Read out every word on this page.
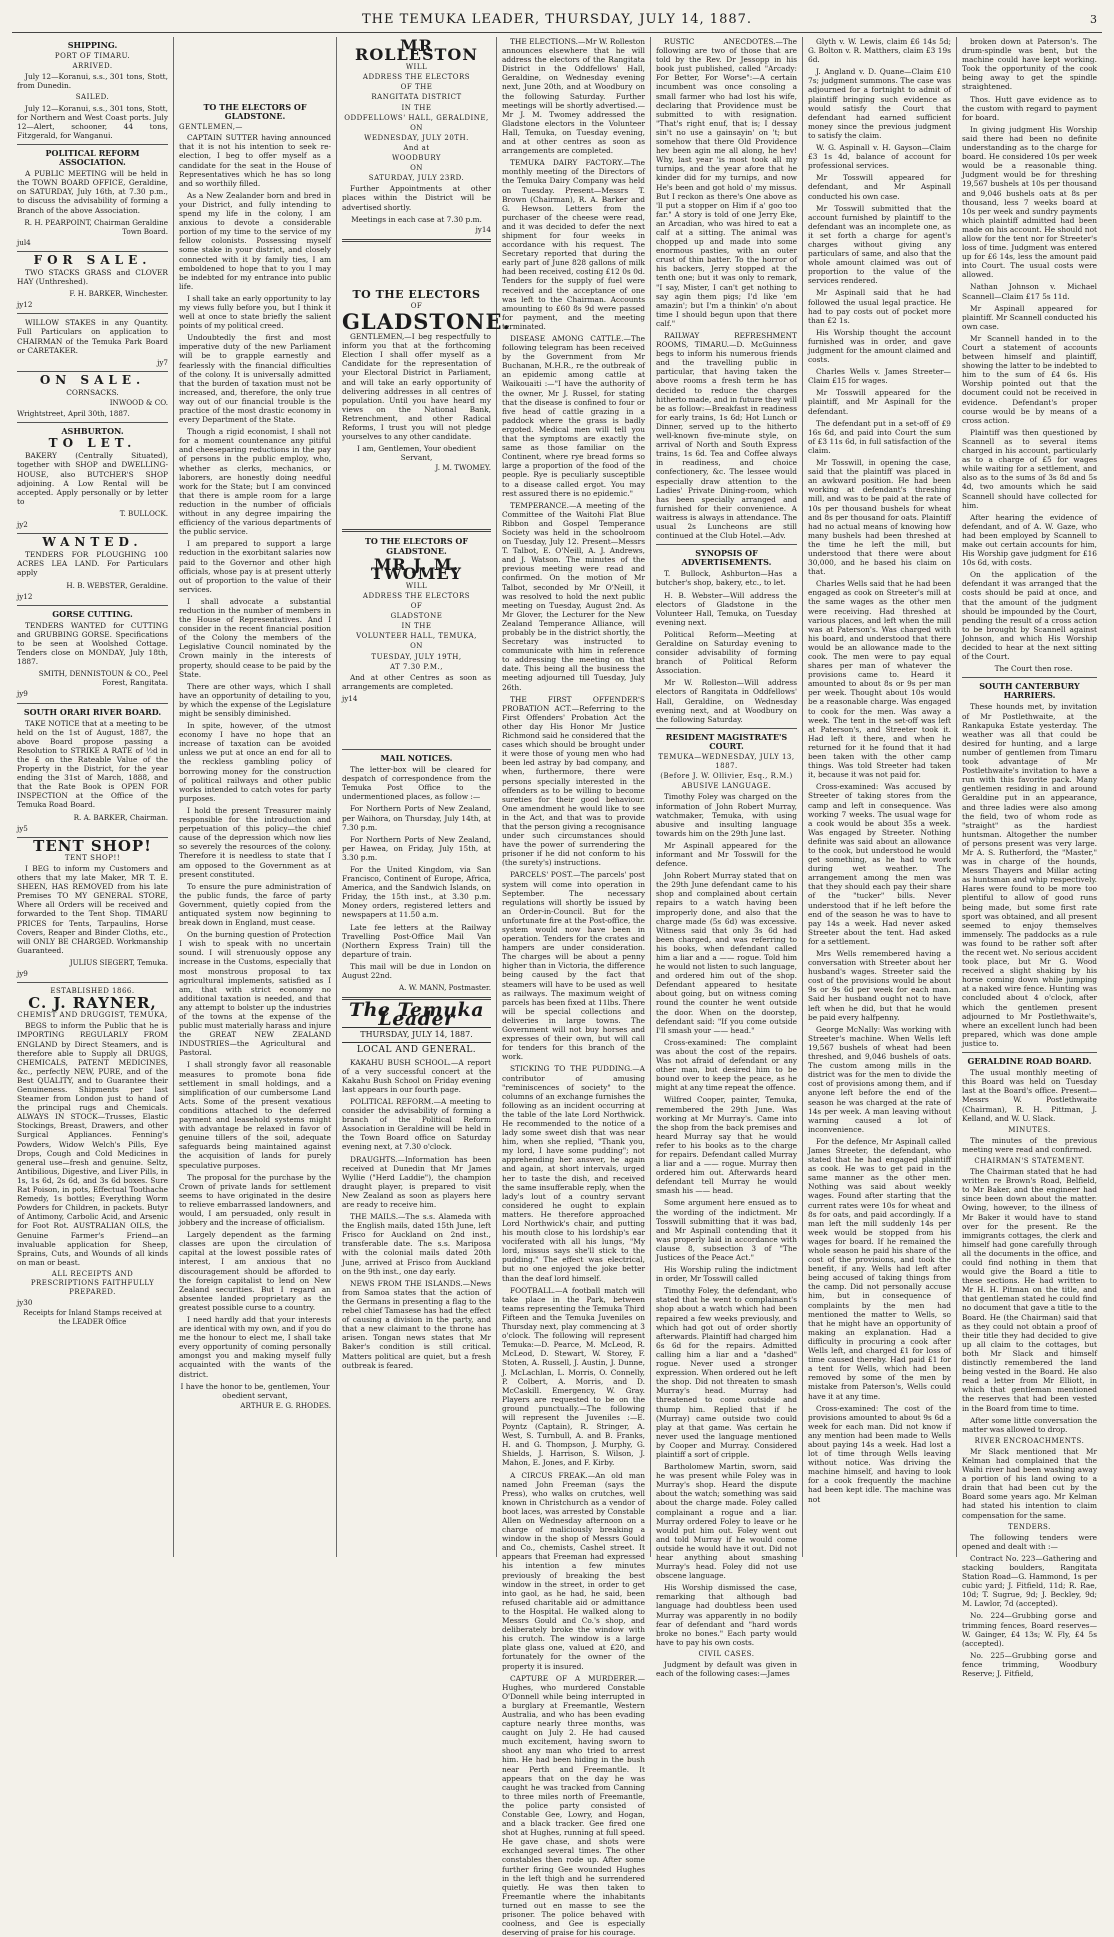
THE TEMUKA LEADER, THURSDAY, JULY 14, 1887.	3
SHIPPING.
PORT OF TIMARU.
ARRIVED.

July 12—Koranui, s.s., 301 tons, Stott, from Dunedin.

SAILED.

July 12—Koranui, s.s., 301 tons, Stott, for Northern and West Coast ports. July 12—Alert, schooner, 44 tons, Fitzgerald, for Wanganui.

POLITICAL REFORM ASSOCIATION.

A PUBLIC MEETING will be held in the TOWN BOARD OFFICE, Geraldine, on SATURDAY, July 16th, at 7.30 p.m., to discuss the advisability of forming a Branch of the above Association.

R. H. PEARPOINT, Chairman Geraldine Town Board.
jul4
FOR SALE.

TWO STACKS GRASS and CLOVER HAY (Unthreshed).

F. H. BARKER, Winchester.
jy12

WILLOW STAKES in any Quantity. Full Particulars on application to CHAIRMAN of the Temuka Park Board or CARETAKER.

jy7
ON SALE.
CORNSACKS.
INWOOD & CO.
Wrightstreet, April 30th, 1887.
ASHBURTON.
TO LET.

BAKERY (Centrally Situated), together with SHOP and DWELLING-HOUSE, also BUTCHER'S SHOP adjoining. A Low Rental will be accepted. Apply personally or by letter to

T. BULLOCK.
jy2
WANTED.

TENDERS FOR PLOUGHING 100 ACRES LEA LAND. For Particulars apply

H. B. WEBSTER, Geraldine.
jy12
GORSE CUTTING.

TENDERS WANTED for CUTTING and GRUBBING GORSE. Specifications to be seen at Woolshed Cottage. Tenders close on MONDAY, July 18th, 1887.

SMITH, DENNISTOUN & CO., Peel Forest, Rangitata.
jy9
SOUTH ORARI RIVER BOARD.

TAKE NOTICE that at a meeting to be held on the 1st of August, 1887, the above Board propose passing a Resolution to STRIKE A RATE of ½d in the £ on the Rateable Value of the Property in the District, for the year ending the 31st of March, 1888, and that the Rate Book is OPEN FOR INSPECTION at the Office of the Temuka Road Board.

R. A. BARKER, Chairman.
jy5
TENT SHOP!
TENT SHOP!!

I BEG to inform my Customers and others that my late Maker, MR T. E. SHEEN, HAS REMOVED from his late Premises TO MY GENERAL STORE, Where all Orders will be received and forwarded to the Tent Shop. TIMARU PRICES for Tents, Tarpaulins, Horse Covers, Reaper and Binder Cloths, etc., will ONLY BE CHARGED. Workmanship Guaranteed.

JULIUS SIEGERT, Temuka.
jy9
ESTABLISHED 1866.
C. J. RAYNER,
CHEMIST AND DRUGGIST, TEMUKA,

BEGS to inform the Public that he is IMPORTING REGULARLY FROM ENGLAND by Direct Steamers, and is therefore able to Supply all DRUGS, CHEMICALS, PATENT MEDICINES, &c., perfectly NEW, PURE, and of the Best QUALITY, and to Guarantee their Genuineness. Shipments per last Steamer from London just to hand of the principal rugs and Chemicals. ALWAYS IN STOCK—Trusses, Elastic Stockings, Breast, Drawers, and other Surgical Appliances. Fenning's Powders, Widow Welch's Pills, Eye Drops, Cough and Cold Medicines in general use—fresh and genuine. Seltz, Antibilious, Digestive, and Liver Pills, in 1s, 1s 6d, 2s 6d, and 3s 6d boxes. Sure Rat Poison, in pots, Effectual Toothache Remedy, 1s bottles; Everything Worm Powders for Children, in packets. Butyr of Antimony, Carbolic Acid, and Arsenic for Foot Rot. AUSTRALIAN OILS, the Genuine Farmer's Friend—an invaluable application for Sheep, Sprains, Cuts, and Wounds of all kinds on man or beast.

ALL RECEIPTS AND PRESCRIPTIONS FAITHFULLY PREPARED.
jy30
Receipts for Inland Stamps received at the LEADER Office
TO THE ELECTORS OF GLADSTONE.
GENTLEMEN,—

CAPTAIN SUTTER having announced that it is not his intention to seek re-election, I beg to offer myself as a candidate for the seat in the House of Representatives which he has so long and so worthily filled.

As a New Zealander born and bred in your District, and fully intending to spend my life in the colony, I am anxious to devote a considerable portion of my time to the service of my fellow colonists. Possessing myself some stake in your district, and closely connected with it by family ties, I am emboldened to hope that to you I may be indebted for my entrance into public life.

I shall take an early opportunity to lay my views fully before you, but I think it well at once to state briefly the salient points of my political creed.

Undoubtedly the first and most imperative duty of the new Parliament will be to grapple earnestly and fearlessly with the financial difficulties of the colony. It is universally admitted that the burden of taxation must not be increased, and, therefore, the only true way out of our financial trouble is the practice of the most drastic economy in every Department of the State.

Though a rigid economist, I shall not for a moment countenance any pitiful and cheeseparing reductions in the pay of persons in the public employ, who, whether as clerks, mechanics, or laborers, are honestly doing needful work for the State; but I am convinced that there is ample room for a large reduction in the number of officials without in any degree impairing the efficiency of the various departments of the public service.

I am prepared to support a large reduction in the exorbitant salaries now paid to the Governor and other high officials, whose pay is at present utterly out of proportion to the value of their services.

I shall advocate a substantial reduction in the number of members in the House of Representatives. And I consider in the recent financial position of the Colony the members of the Legislative Council nominated by the Crown mainly in the interests of property, should cease to be paid by the State.

There are other ways, which I shall have an opportunity of detailing to you, by which the expense of the Legislature might be sensibly diminished.

In spite, however, of the utmost economy I have no hope that an increase of taxation can be avoided unless we put at once an end for all to the reckless gambling policy of borrowing money for the construction of political railways and other public works intended to catch votes for party purposes.

I hold the present Treasurer mainly responsible for the introduction and perpetuation of this policy—the chief cause of the depression which now lies so severely the resources of the colony. Therefore it is needless to state that I am opposed to the Government as at present constituted.

To ensure the pure administration of the public funds, the farce of party Government, quietly copied from the antiquated system now beginning to break down in England, must cease.

On the burning question of Protection I wish to speak with no uncertain sound. I will strenuously oppose any increase in the Customs, especially that most monstrous proposal to tax agricultural implements, satisfied as I am, that with strict economy no additional taxation is needed, and that any attempt to bolster up the industries of the towns at the expense of the public must materially harass and injure the GREAT NEW ZEALAND INDUSTRIES—the Agricultural and Pastoral.

I shall strongly favor all reasonable measures to promote bona fide settlement in small holdings, and a simplification of our cumbersome Land Acts. Some of the present vexatious conditions attached to the deferred payment and leasehold systems might with advantage be relaxed in favor of genuine tillers of the soil, adequate safeguards being maintained against the acquisition of lands for purely speculative purposes.

The proposal for the purchase by the Crown of private lands for settlement seems to have originated in the desire to relieve embarrassed landowners, and would, I am persuaded, only result in jobbery and the increase of officialism.

Largely dependent as the farming classes are upon the circulation of capital at the lowest possible rates of interest, I am anxious that no discouragement should be afforded to the foreign capitalist to lend on New Zealand securities. But I regard an absentee landed proprietary as the greatest possible curse to a country.

I need hardly add that your interests are identical with my own, and if you do me the honour to elect me, I shall take every opportunity of coming personally amongst you and making myself fully acquainted with the wants of the district.

I have the honor to be, gentlemen, Your obedient servant,
ARTHUR E. G. RHODES.
MR ROLLESTON
WILL
ADDRESS THE ELECTORS
OF THE
RANGITATA DISTRICT
IN THE
ODDFELLOWS' HALL, GERALDINE,
ON
WEDNESDAY, JULY 20TH.
And at
WOODBURY
ON
SATURDAY, JULY 23RD.

Further Appointments at other places within the District will be advertised shortly.

Meetings in each case at 7.30 p.m.
jy14
TO THE ELECTORS
OF
GLADSTONE.

GENTLEMEN,—I beg respectfully to inform you that at the forthcoming Election I shall offer myself as a Candidate for the representation of your Electoral District in Parliament, and will take an early opportunity of delivering addresses in all centres of population. Until you have heard my views on the National Bank, Retrenchment, and other Radical Reforms, I trust you will not pledge yourselves to any other candidate.

I am, Gentlemen, Your obedient Servant,
J. M. TWOMEY.
TO THE ELECTORS OF GLADSTONE.
MR J. M. TWOMEY
WILL
ADDRESS THE ELECTORS
OF
GLADSTONE
IN THE
VOLUNTEER HALL, TEMUKA,
ON
TUESDAY, JULY 19TH,
AT 7.30 P.M.,

And at other Centres as soon as arrangements are completed.

jy14
MAIL NOTICES.

The letter-box will be cleared for despatch of correspondence from the Temuka Post Office to the undermentioned places, as follow :—

For Northern Ports of New Zealand, per Waihora, on Thursday, July 14th, at 7.30 p.m.

For Northern Ports of New Zealand, per Hawea, on Friday, July 15th, at 3.30 p.m.

For the United Kingdom, via San Francisco, Continent of Europe, Africa, America, and the Sandwich Islands, on Friday, the 15th inst., at 3.30 p.m. Money orders, registered letters and newspapers at 11.50 a.m.

Late fee letters at the Railway Travelling Post-Office Mail Van (Northern Express Train) till the departure of train.

This mail will be due in London on August 22nd.

A. W. MANN, Postmaster.
The Temuka Leader
THURSDAY, JULY 14, 1887.
LOCAL AND GENERAL.

KAKAHU BUSH SCHOOL.—A report of a very successful concert at the Kakahu Bush School on Friday evening last appears in our fourth page.

POLITICAL REFORM.—A meeting to consider the advisability of forming a branch of the Political Reform Association in Geraldine will be held in the Town Board office on Saturday evening next, at 7.30 o'clock.

DRAUGHTS.—Information has been received at Dunedin that Mr James Wyllie ("Herd Laddie"), the champion draught player, is prepared to visit New Zealand as soon as players here are ready to receive him.

THE MAILS.—The s.s. Alameda with the English mails, dated 15th June, left Frisco for Auckland on 2nd inst., transferable date. The s.s. Mariposa with the colonial mails dated 20th June, arrived at Frisco from Auckland on the 9th inst., one day early.

NEWS FROM THE ISLANDS.—News from Samoa states that the action of the Germans in presenting a flag to the rebel chief Tamasese has had the effect of causing a division in the party, and that a new claimant to the throne has arisen. Tongan news states that Mr Baker's condition is still critical. Matters political are quiet, but a fresh outbreak is feared.

THE ELECTIONS.—Mr W. Rolleston announces elsewhere that he will address the electors of the Rangitata District in the Oddfellows' Hall, Geraldine, on Wednesday evening next, June 20th, and at Woodbury on the following Saturday. Further meetings will be shortly advertised.—Mr J. M. Twomey addressed the Gladstone electors in the Volunteer Hall, Temuka, on Tuesday evening, and at other centres as soon as arrangements are completed.

TEMUKA DAIRY FACTORY.—The monthly meeting of the Directors of the Temuka Dairy Company was held on Tuesday. Present—Messrs T. Brown (Chairman), R. A. Barker and G. Hewson. Letters from the purchaser of the cheese were read, and it was decided to defer the next shipment for four weeks in accordance with his request. The Secretary reported that during the early part of June 828 gallons of milk had been received, costing £12 0s 0d. Tenders for the supply of fuel were received and the acceptance of one was left to the Chairman. Accounts amounting to £60 8s 9d were passed for payment, and the meeting terminated.

DISEASE AMONG CATTLE.—The following telegram has been received by the Government from Mr Buchanan, M.H.R., re the outbreak of an epidemic among cattle at Waikouaiti :—"I have the authority of the owner, Mr J. Russel, for stating that the disease is confined to four or five head of cattle grazing in a paddock where the grass is badly ergoted. Medical men will tell you that the symptoms are exactly the same as those familiar on the Continent, where rye bread forms so large a proportion of the food of the people. Rye is peculiarly susceptible to a disease called ergot. You may rest assured there is no epidemic."

TEMPERANCE.—A meeting of the Committee of the Waitohi Flat Blue Ribbon and Gospel Temperance Society was held in the schoolroom on Tuesday, July 12. Present—Messrs T. Talbot, E. O'Neill, A. J. Andrews, and J. Watson. The minutes of the previous meeting were read and confirmed. On the motion of Mr Talbot, seconded by Mr O'Neill, it was resolved to hold the next public meeting on Tuesday, August 2nd. As Mr Glover, the Lecturer for the New Zealand Temperance Alliance, will probably be in the district shortly, the Secretary was instructed to communicate with him in reference to addressing the meeting on that date. This being all the business the meeting adjourned till Tuesday, July 26th.

THE FIRST OFFENDER'S PROBATION ACT.—Referring to the First Offenders' Probation Act the other day His Honor Mr Justice Richmond said he considered that the cases which should be brought under it were those of young men who had been led astray by bad company, and when, furthermore, there were persons specially interested in the offenders as to be willing to become sureties for their good behaviour. One amendment he would like to see in the Act, and that was to provide that the person giving a recognisance under such circumstances should have the power of surrendering the prisoner if he did not conform to his (the surety's) instructions.

PARCELS' POST.—The parcels' post system will come into operation in September. The necessary regulations will shortly be issued by an Order-in-Council. But for the unfortunate fire at the Post-office, the system would now have been in operation. Tenders for the crates and hampers are under consideration. The charges will be about a penny higher than in Victoria, the difference being caused by the fact that steamers will have to be used as well as railways. The maximum weight of parcels has been fixed at 11lbs. There will be special collections and deliveries in large towns. The Government will not buy horses and expresses of their own, but will call for tenders for this branch of the work.

STICKING TO THE PUDDING.—A contributor of amusing "reminiscences of society" to the columns of an exchange furnishes the following as an incident occurring at the table of the late Lord Northwick. He recommended to the notice of a lady some sweet dish that was near him, when she replied, "Thank you, my lord, I have some pudding"; not apprehending her answer, he again and again, at short intervals, urged her to taste the dish, and received the same insufferable reply, when the lady's lout of a country servant considered he ought to explain matters. He therefore approached Lord Northwick's chair, and putting his mouth close to his lordship's ear vociferated with all his lungs, "My lord, missus says she'll stick to the pudding." The effect was electrical, but no one enjoyed the joke better than the deaf lord himself.

FOOTBALL.—A football match will take place in the Park, between teams representing the Temuka Third Fifteen and the Temuka Juveniles on Thursday next, play commencing at 3 o'clock. The following will represent Temuka:—D. Pearce, M. McLeod, R. McLeod, D. Stewart, W. Storey, F. Stoten, A. Russell, J. Austin, J. Dunne, J. McLachlan, L. Morris, O. Connelly, P. Colbert, A. Morris, and D. McCaskill. Emergency, W. Gray. Players are requested to be on the ground punctually.—The following will represent the Juveniles :—E. Poyntz (Captain), R. Stringer, A. West, S. Turnbull, A. and B. Franks, H. and G. Thompson, J. Murphy, G. Shields, J. Harrison, S. Wilson, J. Mahon, E. Jones, and F. Kirby.

A CIRCUS FREAK.—An old man named John Freeman (says the Press), who walks on crutches, well known in Christchurch as a vendor of boot laces, was arrested by Constable Allen on Wednesday afternoon on a charge of maliciously breaking a window in the shop of Messrs Gould and Co., chemists, Cashel street. It appears that Freeman had expressed his intention a few minutes previously of breaking the best window in the street, in order to get into gaol, as he had, he said, been refused charitable aid or admittance to the Hospital. He walked along to Messrs Gould and Co.'s shop, and deliberately broke the window with his crutch. The window is a large plate glass one, valued at £20, and fortunately for the owner of the property it is insured.

CAPTURE OF A MURDERER.—Hughes, who murdered Constable O'Donnell while being interrupted in a burglary at Freemantle, Western Australia, and who has been evading capture nearly three months, was caught on July 2. He had caused much excitement, having sworn to shoot any man who tried to arrest him. He had been hiding in the bush near Perth and Freemantle. It appears that on the day he was caught he was tracked from Canning to three miles north of Freemantle, the police party consisted of Constable Gee, Lowry, and Hogan, and a black tracker. Gee fired one shot at Hughes, running at full speed. He gave chase, and shots were exchanged several times. The other constables then rode up. After some further firing Gee wounded Hughes in the left thigh and he surrendered quietly. He was then taken to Freemantle where the inhabitants turned out en masse to see the prisoner. The police behaved with coolness, and Gee is especially deserving of praise for his courage.

RUSTIC ANECDOTES.—The following are two of those that are told by the Rev. Dr Jessopp in his book just published, called "Arcady: For Better, For Worse":—A certain incumbent was once consoling a small farmer who had lost his wife, declaring that Providence must be submitted to with resignation. "That's right enuf, that is; I dessay sin't no use a gainsayin' on 't; but somehow that there Old Providence hev been agin me all along, he hev! Why, last year 'is most took all my turnips, and the year afore that he kinder did for my turnips, and now He's been and got hold o' my missus. But I reckon as there's One above as 'll put a stopper on Him if a' goo too far." A story is told of one Jerry Eke, an Arcadian, who was hired to eat a calf at a sitting. The animal was chopped up and made into some enormous pasties, with an outer crust of thin batter. To the horror of his backers, Jerry stopped at the tenth one; but it was only to remark, "I say, Mister, I can't get nothing to say agin them pigs; I'd like 'em amazin'; but I'm a thinkin' o'n about time I should begun upon that there calf."

RAILWAY REFRESHMENT ROOMS, TIMARU.—D. McGuinness begs to inform his numerous friends and the travelling public in particular, that having taken the above rooms a fresh term he has decided to reduce the charges hitherto made, and in future they will be as follow:—Breakfast in readiness for early trains, 1s 6d; Hot Lunch or Dinner, served up to the hitherto well-known five-minute style, on arrival of North and South Express trains, 1s 6d. Tea and Coffee always in readiness, and choice confectionery, &c. The lessee would especially draw attention to the Ladies' Private Dining-room, which has been specially arranged and furnished for their convenience. A waitress is always in attendance. The usual 2s Luncheons are still continued at the Club Hotel.—Adv.

SYNOPSIS OF ADVERTISEMENTS.

T. Bullock, Ashburton—Has a butcher's shop, bakery, etc., to let.

H. B. Webster—Will address the electors of Gladstone in the Volunteer Hall, Temuka, on Tuesday evening next.

Political Reform—Meeting at Geraldine on Saturday evening to consider advisability of forming branch of Political Reform Association.

Mr W. Rolleston—Will address electors of Rangitata in Oddfellows' Hall, Geraldine, on Wednesday evening next, and at Woodbury on the following Saturday.

RESIDENT MAGISTRATE'S COURT.
TEMUKA—WEDNESDAY, JULY 13, 1887.
(Before J. W. Ollivier, Esq., R.M.)
ABUSIVE LANGUAGE.

Timothy Foley was charged on the information of John Robert Murray, watchmaker, Temuka, with using abusive and insulting language towards him on the 29th June last.

Mr Aspinall appeared for the informant and Mr Tosswill for the defence.

John Robert Murray stated that on the 29th June defendant came to his shop and complained about certain repairs to a watch having been improperly done, and also that the charge made (5s 6d) was excessive. Witness said that only 3s 6d had been charged, and was referring to his books, when defendant called him a liar and a —— rogue. Told him he would not listen to such language, and ordered him out of the shop. Defendant appeared to hesitate about going, but on witness coming round the counter he went outside the door. When on the doorstep, defendant said: "If you come outside I'll smash your —— head."

Cross-examined: The complaint was about the cost of the repairs. Was not afraid of defendant or any other man, but desired him to be bound over to keep the peace, as he might at any time repeat the offence.

Wilfred Cooper, painter, Temuka, remembered the 29th June. Was working at Mr Murray's. Came into the shop from the back premises and heard Murray say that he would refer to his books as to the charge for repairs. Defendant called Murray a liar and a —— rogue. Murray then ordered him out. Afterwards heard defendant tell Murray he would smash his —— head.

Some argument here ensued as to the wording of the indictment. Mr Tosswill submitting that it was bad, and Mr Aspinall contending that it was properly laid in accordance with clause 8, subsection 3 of "The Justices of the Peace Act."

His Worship ruling the indictment in order, Mr Tosswill called

Timothy Foley, the defendant, who stated that he went to complainant's shop about a watch which had been repaired a few weeks previously, and which had got out of order shortly afterwards. Plaintiff had charged him 6s 6d for the repairs. Admitted calling him a liar and a "dashed" rogue. Never used a stronger expression. When ordered out he left the shop. Did not threaten to smash Murray's head. Murray had threatened to come outside and thump him. Replied that if he (Murray) came outside two could play at that game. Was certain he never used the language mentioned by Cooper and Murray. Considered plaintiff a sort of cripple.

Bartholomew Martin, sworn, said he was present while Foley was in Murray's shop. Heard the dispute about the watch; something was said about the charge made. Foley called complainant a rogue and a liar. Murray ordered Foley to leave or he would put him out. Foley went out and told Murray if he would come outside he would have it out. Did not hear anything about smashing Murray's head. Foley did not use obscene language.

His Worship dismissed the case, remarking that although bad language had doubtless been used Murray was apparently in no bodily fear of defendant and "hard words broke no bones." Each party would have to pay his own costs.

CIVIL CASES.

Judgment by default was given in each of the following cases:—James

Glyth v. W. Lewis, claim £6 14s 5d; G. Bolton v. R. Matthers, claim £3 19s 6d.

J. Angland v. D. Quane—Claim £10 7s; judgment summons. The case was adjourned for a fortnight to admit of plaintiff bringing such evidence as would satisfy the Court that defendant had earned sufficient money since the previous judgment to satisfy the claim.

W. G. Aspinall v. H. Gayson—Claim £3 1s 4d, balance of account for professional services.

Mr Tosswill appeared for defendant, and Mr Aspinall conducted his own case.

Mr Tosswill submitted that the account furnished by plaintiff to the defendant was an incomplete one, as it set forth a charge for agent's charges without giving any particulars of same, and also that the whole amount claimed was out of proportion to the value of the services rendered.

Mr Aspinall said that he had followed the usual legal practice. He had to pay costs out of pocket more than £2 1s.

His Worship thought the account furnished was in order, and gave judgment for the amount claimed and costs.

Charles Wells v. James Streeter—Claim £15 for wages.

Mr Tosswill appeared for the plaintiff, and Mr Aspinall for the defendant.

The defendant put in a set-off of £9 16s 6d, and paid into Court the sum of £3 11s 6d, in full satisfaction of the claim.

Mr Tosswill, in opening the case, said that the plaintiff was placed in an awkward position. He had been working at defendant's threshing mill, and was to be paid at the rate of 10s per thousand bushels for wheat and 8s per thousand for oats. Plaintiff had no actual means of knowing how many bushels had been threshed at the time he left the mill, but understood that there were about 30,000, and he based his claim on that.

Charles Wells said that he had been engaged as cook on Streeter's mill at the same wages as the other men were receiving. Had threshed at various places, and left when the mill was at Paterson's. Was charged with his board, and understood that there would be an allowance made to the cook. The men were to pay equal shares per man of whatever the provisions came to. Heard it amounted to about 8s or 9s per man per week. Thought about 10s would be a reasonable charge. Was engaged to cook for the men. Was away a week. The tent in the set-off was left at Paterson's, and Streeter took it. Had left it there, and when he returned for it he found that it had been taken with the other camp things. Was told Streeter had taken it, because it was not paid for.

Cross-examined: Was accused by Streeter of taking stores from the camp and left in consequence. Was working 7 weeks. The usual wage for a cook would be about 35s a week. Was engaged by Streeter. Nothing definite was said about an allowance to the cook, but understood he would get something, as he had to work during wet weather. The arrangement among the men was that they should each pay their share of the "tucker" bills. Never understood that if he left before the end of the season he was to have to pay 14s a week. Had never asked Streeter about the tent. Had asked for a settlement.

Mrs Wells remembered having a conversation with Streeter about her husband's wages. Streeter said the cost of the provisions would be about 9s or 9s 6d per week for each man. Said her husband ought not to have left when he did, but that he would be paid every halfpenny.

George McNally: Was working with Streeter's machine. When Wells left 19,567 bushels of wheat had been threshed, and 9,046 bushels of oats. The custom among mills in the district was for the men to divide the cost of provisions among them, and if anyone left before the end of the season he was charged at the rate of 14s per week. A man leaving without warning caused a lot of inconvenience.

For the defence, Mr Aspinall called James Streeter, the defendant, who stated that he had engaged plaintiff as cook. He was to get paid in the same manner as the other men. Nothing was said about weekly wages. Found after starting that the current rates were 10s for wheat and 8s for oats, and paid accordingly. If a man left the mill suddenly 14s per week would be stopped from his wages for board. If he remained the whole season he paid his share of the cost of the provisions, and took the benefit, if any. Wells had left after being accused of taking things from the camp. Did not personally accuse him, but in consequence of complaints by the men had mentioned the matter to Wells, so that he might have an opportunity of making an explanation. Had a difficulty in procuring a cook after Wells left, and charged £1 for loss of time caused thereby. Had paid £1 for a tent for Wells, which had been removed by some of the men by mistake from Paterson's, Wells could have it at any time.

Cross-examined: The cost of the provisions amounted to about 9s 6d a week for each man. Did not know if any mention had been made to Wells about paying 14s a week. Had lost a lot of time through Wells leaving without notice. Was driving the machine himself, and having to look for a cook frequently the machine had been kept idle. The machine was not

broken down at Paterson's. The drum-spindle was bent, but the machine could have kept working. Took the opportunity of the cook being away to get the spindle straightened.

Thos. Hutt gave evidence as to the custom with regard to payment for board.

In giving judgment His Worship said there had been no definite understanding as to the charge for board. He considered 10s per week would be a reasonable thing. Judgment would be for threshing 19,567 bushels at 10s per thousand and 9,046 bushels oats at 8s per thousand, less 7 weeks board at 10s per week and sundry payments which plaintiff admitted had been made on his account. He should not allow for the tent nor for Streeter's loss of time. Judgment was entered up for £6 14s, less the amount paid into Court. The usual costs were allowed.

Nathan Johnson v. Michael Scannell—Claim £17 5s 11d.

Mr Aspinall appeared for plaintiff. Mr Scannell conducted his own case.

Mr Scannell handed in to the Court a statement of accounts between himself and plaintiff, showing the latter to be indebted to him to the sum of £4 6s. His Worship pointed out that the document could not be received in evidence. Defendant's proper course would be by means of a cross action.

Plaintiff was then questioned by Scannell as to several items charged in his account, particularly as to a charge of £5 for wages while waiting for a settlement, and also as to the sums of 3s 8d and 5s 4d, two amounts which he said Scannell should have collected for him.

After hearing the evidence of defendant, and of A. W. Gaze, who had been employed by Scannell to make out certain accounts for him, His Worship gave judgment for £16 10s 6d, with costs.

On the application of the defendant it was arranged that the costs should be paid at once, and that the amount of the judgment should be impounded by the Court, pending the result of a cross action to be brought by Scannell against Johnson, and which His Worship decided to hear at the next sitting of the Court.

The Court then rose.

SOUTH CANTERBURY HARRIERS.

These hounds met, by invitation of Mr Postlethwaite, at the Rankapuka Estate yesterday. The weather was all that could be desired for hunting, and a large number of gentlemen from Timaru took advantage of Mr Postlethwaite's invitation to have a run with this favorite pack. Many gentlemen residing in and around Geraldine put in an appearance, and three ladies were also among the field, two of whom rode as "straight" as the hardiest huntsman. Altogether the number of persons present was very large. Mr A. S. Rutherford, the "Master," was in charge of the hounds, Messrs Thayers and Millar acting as huntsman and whip respectively. Hares were found to be more too plentiful to allow of good runs being made, but some first rate sport was obtained, and all present seemed to enjoy themselves immensely. The paddocks as a rule was found to be rather soft after the recent wet. No serious accident took place, but Mr G. Wood received a slight shaking by his horse coming down while jumping at a naked wire fence. Hunting was concluded about 4 o'clock, after which the gentlemen present adjourned to Mr Postlethwaite's, where an excellent lunch had been prepared, which was done ample justice to.

GERALDINE ROAD BOARD.

The usual monthly meeting of this Board was held on Tuesday last at the Board's office. Present—Messrs W. Postlethwaite (Chairman), R. H. Pittman, J. Kelland, and W. U. Slack.

MINUTES.

The minutes of the previous meeting were read and confirmed.

CHAIRMAN'S STATEMENT.

The Chairman stated that he had written re Brown's Road, Belfield, to Mr Baker, and the engineer had since been down about the matter. Owing, however, to the illness of Mr Baker it would have to stand over for the present. Re the immigrants cottages, the clerk and himself had gone carefully through all the documents in the office, and could find nothing in them that would give the Board a title to these sections. He had written to Mr H. H. Pitman on the title, and that gentleman stated he could find no document that gave a title to the Board. He (the Chairman) said that as they could not obtain a proof of their title they had decided to give up all claim to the cottages, but both Mr Slack and himself distinctly remembered the land being vested in the Board. He also read a letter from Mr Elliott, in which that gentleman mentioned the reserves that had been vested in the Board from time to time.

After some little conversation the matter was allowed to drop.

RIVER ENCROACHMENTS.

Mr Slack mentioned that Mr Kelman had complained that the Waihi river had been washing away a portion of his land owing to a drain that had been cut by the Board some years ago. Mr Kelman had stated his intention to claim compensation for the same.

TENDERS.

The following tenders were opened and dealt with :—

Contract No. 223—Gathering and stacking boulders, Rangitata Station Road—G. Hammond, 1s per cubic yard; J. Fitfield, 11d; R. Rae, 10d; T. Sugrue, 9d; J. Beckley, 9d; M. Lawlor, 7d (accepted).

No. 224—Grubbing gorse and trimming fences, Board reserves—W. Gainger, £4 13s; W. Fly, £4 5s (accepted).

No. 225—Grubbing gorse and fence trimming, Woodbury Reserve; J. Fitfield,
